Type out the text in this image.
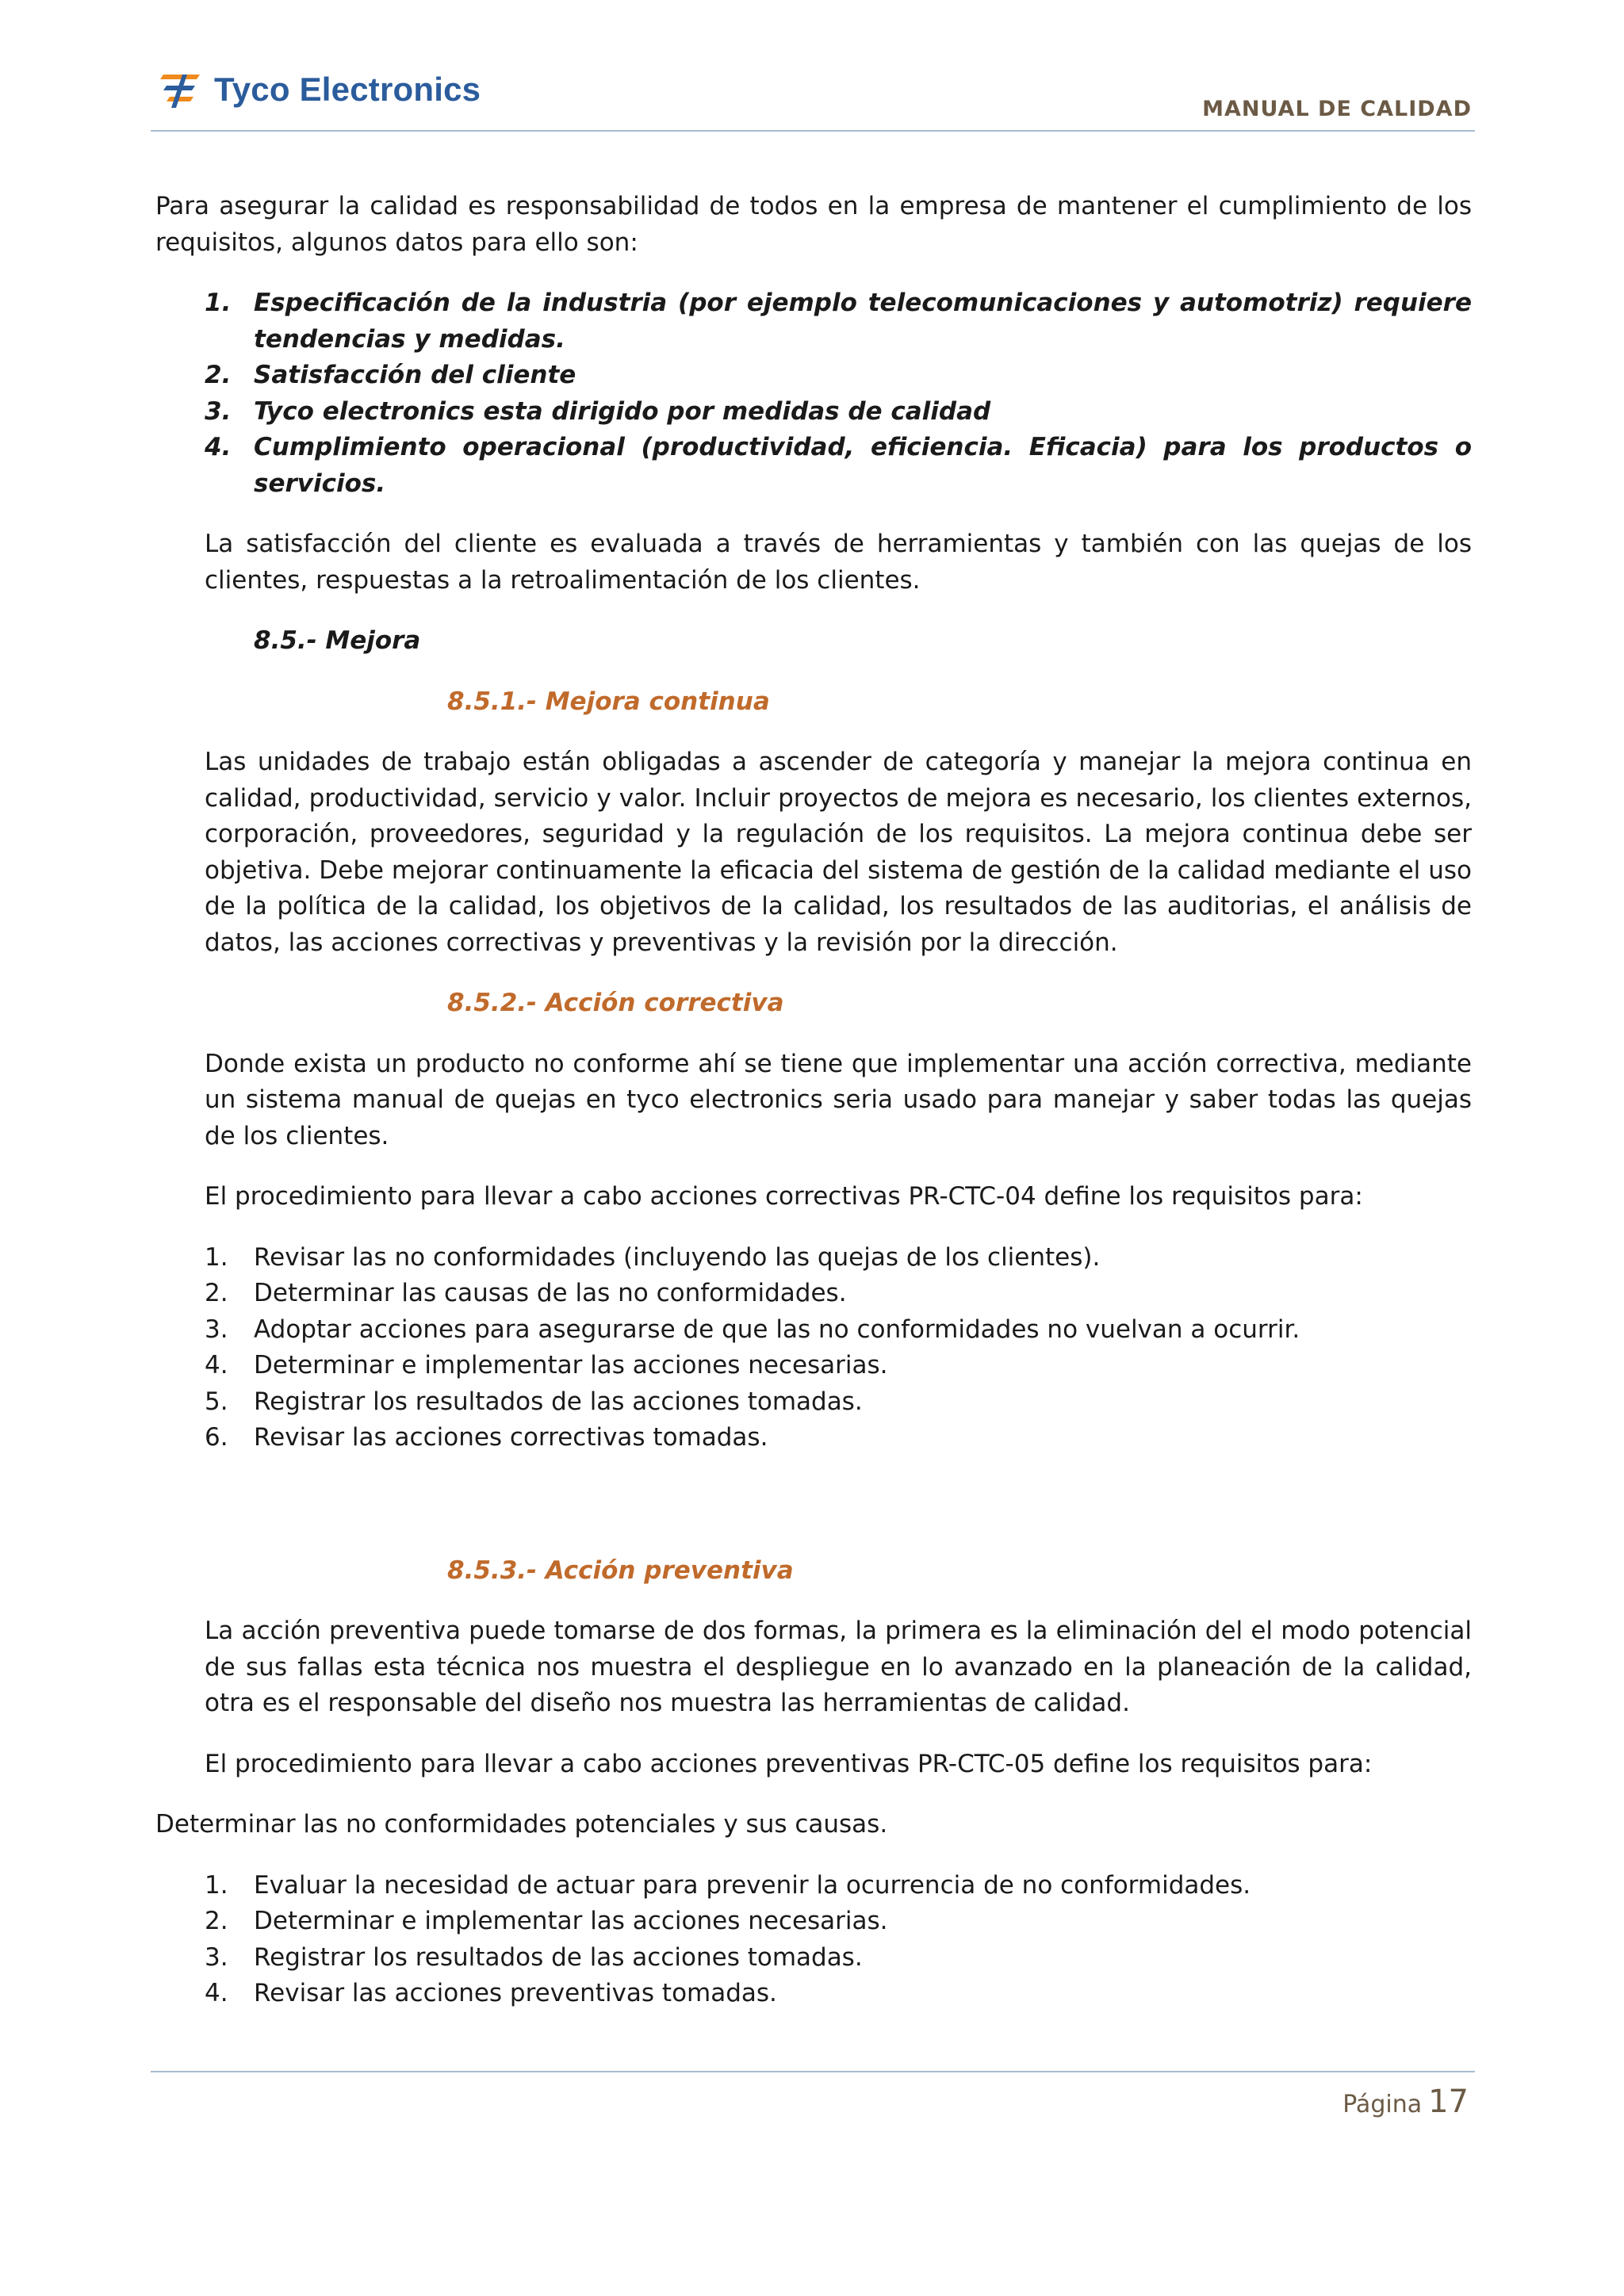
Tyco Electronics
MANUAL DE CALIDAD

Para asegurar la calidad es responsabilidad de todos en la empresa de mantener el cumplimiento de los requisitos, algunos datos para ello son:

1. Especificación de la industria (por ejemplo telecomunicaciones y automotriz) requiere tendencias y medidas.
2. Satisfacción del cliente
3. Tyco electronics esta dirigido por medidas de calidad
4. Cumplimiento operacional (productividad, eficiencia. Eficacia) para los productos o servicios.

La satisfacción del cliente es evaluada a través de herramientas y también con las quejas de los clientes, respuestas a la retroalimentación de los clientes.

8.5.- Mejora

8.5.1.- Mejora continua

Las unidades de trabajo están obligadas a ascender de categoría y manejar la mejora continua en calidad, productividad, servicio y valor. Incluir proyectos de mejora es necesario, los clientes externos, corporación, proveedores, seguridad y la regulación de los requisitos. La mejora continua debe ser objetiva. Debe mejorar continuamente la eficacia del sistema de gestión de la calidad mediante el uso de la política de la calidad, los objetivos de la calidad, los resultados de las auditorias, el análisis de datos, las acciones correctivas y preventivas y la revisión por la dirección.

8.5.2.- Acción correctiva

Donde exista un producto no conforme ahí se tiene que implementar una acción correctiva, mediante un sistema manual de quejas en tyco electronics seria usado para manejar y saber todas las quejas de los clientes.

El procedimiento para llevar a cabo acciones correctivas PR-CTC-04 define los requisitos para:

1. Revisar las no conformidades (incluyendo las quejas de los clientes).
2. Determinar las causas de las no conformidades.
3. Adoptar acciones para asegurarse de que las no conformidades no vuelvan a ocurrir.
4. Determinar e implementar las acciones necesarias.
5. Registrar los resultados de las acciones tomadas.
6. Revisar las acciones correctivas tomadas.

8.5.3.- Acción preventiva

La acción preventiva puede tomarse de dos formas, la primera es la eliminación del el modo potencial de sus fallas esta técnica nos muestra el despliegue en lo avanzado en la planeación de la calidad, otra es el responsable del diseño nos muestra las herramientas de calidad.

El procedimiento para llevar a cabo acciones preventivas PR-CTC-05 define los requisitos para:

Determinar las no conformidades potenciales y sus causas.

1. Evaluar la necesidad de actuar para prevenir la ocurrencia de no conformidades.
2. Determinar e implementar las acciones necesarias.
3. Registrar los resultados de las acciones tomadas.
4. Revisar las acciones preventivas tomadas.
Página 17
